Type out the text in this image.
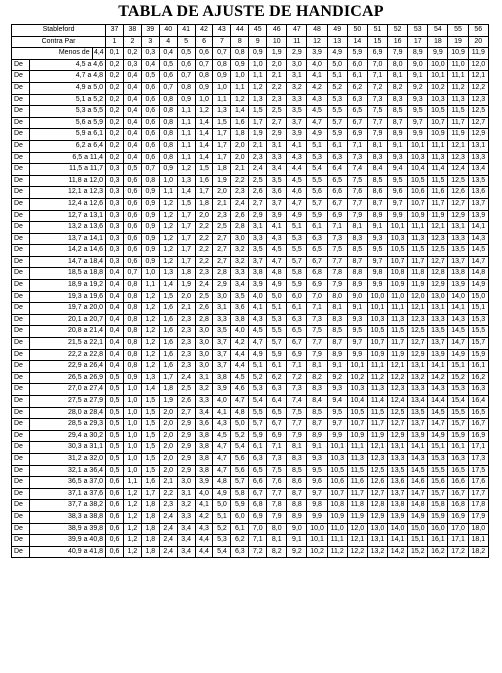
TABLA DE AJUSTE DE HANDICAP
Stableford			37	38	39	40	41	42	43	44	45	46	47	48	49	50	51	52	53	54	55	56
Contra Par			1	2	3	4	5	6	7	8	9	10	11	12	13	14	15	16	17	18	19	20
Menos de		4,4	0,1	0,2	0,3	0,4	0,5	0,6	0,7	0,8	0,9	1,9	2,9	3,9	4,9	5,9	6,9	7,9	8,9	9,9	10,9	11,9
De	4,5 a 4,6		0,2	0,3	0,4	0,5	0,6	0,7	0,8	0,9	1,0	2,0	3,0	4,0	5,0	6,0	7,0	8,0	9,0	10,0	11,0	12,0
De	4,7 a 4,8		0,2	0,4	0,5	0,6	0,7	0,8	0,9	1,0	1,1	2,1	3,1	4,1	5,1	6,1	7,1	8,1	9,1	10,1	11,1	12,1
De	4,9 a 5,0		0,2	0,4	0,6	0,7	0,8	0,9	1,0	1,1	1,2	2,2	3,2	4,2	5,2	6,2	7,2	8,2	9,2	10,2	11,2	12,2
De	5,1 a 5,2		0,2	0,4	0,6	0,8	0,9	1,0	1,1	1,2	1,3	2,3	3,3	4,3	5,3	6,3	7,3	8,3	9,3	10,3	11,3	12,3
De	5,3 a 5,5		0,2	0,4	0,6	0,8	1,1	1,2	1,3	1,4	1,5	2,5	3,5	4,5	5,5	6,5	7,5	8,5	9,5	10,5	11,5	12,5
De	5,6 a 5,9		0,2	0,4	0,6	0,8	1,1	1,4	1,5	1,6	1,7	2,7	3,7	4,7	5,7	6,7	7,7	8,7	9,7	10,7	11,7	12,7
De	5,9 a 6,1		0,2	0,4	0,6	0,8	1,1	1,4	1,7	1,8	1,9	2,9	3,9	4,9	5,9	6,9	7,9	8,9	9,9	10,9	11,9	12,9
De	6,2 a 6,4		0,2	0,4	0,6	0,8	1,1	1,4	1,7	2,0	2,1	3,1	4,1	5,1	6,1	7,1	8,1	9,1	10,1	11,1	12,1	13,1
De	6,5 a 11,4		0,2	0,4	0,6	0,8	1,1	1,4	1,7	2,0	2,3	3,3	4,3	5,3	6,3	7,3	8,3	9,3	10,3	11,3	12,3	13,3
De	11,5 a 11,7		0,3	0,5	0,7	0,9	1,2	1,5	1,8	2,1	2,4	3,4	4,4	5,4	6,4	7,4	8,4	9,4	10,4	11,4	12,4	13,4
De	11,8 a 12,0		0,3	0,6	0,8	1,0	1,3	1,6	1,9	2,2	2,5	3,5	4,5	5,5	6,5	7,5	8,5	9,5	10,5	11,5	12,5	13,5
De	12,1 a 12,3		0,3	0,6	0,9	1,1	1,4	1,7	2,0	2,3	2,6	3,6	4,6	5,6	6,6	7,6	8,6	9,6	10,6	11,6	12,6	13,6
De	12,4 a 12,6		0,3	0,6	0,9	1,2	1,5	1,8	2,1	2,4	2,7	3,7	4,7	5,7	6,7	7,7	8,7	9,7	10,7	11,7	12,7	13,7
De	12,7 a 13,1		0,3	0,6	0,9	1,2	1,7	2,0	2,3	2,6	2,9	3,9	4,9	5,9	6,9	7,9	8,9	9,9	10,9	11,9	12,9	13,9
De	13,2 a 13,6		0,3	0,6	0,9	1,2	1,7	2,2	2,5	2,8	3,1	4,1	5,1	6,1	7,1	8,1	9,1	10,1	11,1	12,1	13,1	14,1
De	13,7 a 14,1		0,3	0,6	0,9	1,2	1,7	2,2	2,7	3,0	3,3	4,3	5,3	6,3	7,3	8,3	9,3	10,3	11,3	12,3	13,3	14,3
De	14,2 a 14,6		0,3	0,6	0,9	1,2	1,7	2,2	2,7	3,2	3,5	4,5	5,5	6,5	7,5	8,5	9,5	10,5	11,5	12,5	13,5	14,5
De	14,7 a 18,4		0,3	0,6	0,9	1,2	1,7	2,2	2,7	3,2	3,7	4,7	5,7	6,7	7,7	8,7	9,7	10,7	11,7	12,7	13,7	14,7
De	18,5 a 18,8		0,4	0,7	1,0	1,3	1,8	2,3	2,8	3,3	3,8	4,8	5,8	6,8	7,8	8,8	9,8	10,8	11,8	12,8	13,8	14,8
De	18,9 a 19,2		0,4	0,8	1,1	1,4	1,9	2,4	2,9	3,4	3,9	4,9	5,9	6,9	7,9	8,9	9,9	10,9	11,9	12,9	13,9	14,9
De	19,3 a 19,6		0,4	0,8	1,2	1,5	2,0	2,5	3,0	3,5	4,0	5,0	6,0	7,0	8,0	9,0	10,0	11,0	12,0	13,0	14,0	15,0
De	19,7 a 20,0		0,4	0,8	1,2	1,6	2,1	2,6	3,1	3,6	4,1	5,1	6,1	7,1	8,1	9,1	10,1	11,1	12,1	13,1	14,1	15,1
De	20,1 a 20,7		0,4	0,8	1,2	1,6	2,3	2,8	3,3	3,8	4,3	5,3	6,3	7,3	8,3	9,3	10,3	11,3	12,3	13,3	14,3	15,3
De	20,8 a 21,4		0,4	0,8	1,2	1,6	2,3	3,0	3,5	4,0	4,5	5,5	6,5	7,5	8,5	9,5	10,5	11,5	12,5	13,5	14,5	15,5
De	21,5 a 22,1		0,4	0,8	1,2	1,6	2,3	3,0	3,7	4,2	4,7	5,7	6,7	7,7	8,7	9,7	10,7	11,7	12,7	13,7	14,7	15,7
De	22,2 a 22,8		0,4	0,8	1,2	1,6	2,3	3,0	3,7	4,4	4,9	5,9	6,9	7,9	8,9	9,9	10,9	11,9	12,9	13,9	14,9	15,9
De	22,9 a 26,4		0,4	0,8	1,2	1,6	2,3	3,0	3,7	4,4	5,1	6,1	7,1	8,1	9,1	10,1	11,1	12,1	13,1	14,1	15,1	16,1
De	26,5 a 26,9		0,5	0,9	1,3	1,7	2,4	3,1	3,8	4,5	5,2	6,2	7,2	8,2	9,2	10,2	11,2	12,2	13,2	14,2	15,2	16,2
De	27,0 a 27,4		0,5	1,0	1,4	1,8	2,5	3,2	3,9	4,6	5,3	6,3	7,3	8,3	9,3	10,3	11,3	12,3	13,3	14,3	15,3	16,3
De	27,5 a 27,9		0,5	1,0	1,5	1,9	2,6	3,3	4,0	4,7	5,4	6,4	7,4	8,4	9,4	10,4	11,4	12,4	13,4	14,4	15,4	16,4
De	28,0 a 28,4		0,5	1,0	1,5	2,0	2,7	3,4	4,1	4,8	5,5	6,5	7,5	8,5	9,5	10,5	11,5	12,5	13,5	14,5	15,5	16,5
De	28,5 a 29,3		0,5	1,0	1,5	2,0	2,9	3,6	4,3	5,0	5,7	6,7	7,7	8,7	9,7	10,7	11,7	12,7	13,7	14,7	15,7	16,7
De	29,4 a 30,2		0,5	1,0	1,5	2,0	2,9	3,8	4,5	5,2	5,9	6,9	7,9	8,9	9,9	10,9	11,9	12,9	13,9	14,9	15,9	16,9
De	30,3 a 31,1		0,5	1,0	1,5	2,0	2,9	3,8	4,7	5,4	6,1	7,1	8,1	9,1	10,1	11,1	12,1	13,1	14,1	15,1	16,1	17,1
De	31,2 a 32,0		0,5	1,0	1,5	2,0	2,9	3,8	4,7	5,6	6,3	7,3	8,3	9,3	10,3	11,3	12,3	13,3	14,3	15,3	16,3	17,3
De	32,1 a 36,4		0,5	1,0	1,5	2,0	2,9	3,8	4,7	5,6	6,5	7,5	8,5	9,5	10,5	11,5	12,5	13,5	14,5	15,5	16,5	17,5
De	36,5 a 37,0		0,6	1,1	1,6	2,1	3,0	3,9	4,8	5,7	6,6	7,6	8,6	9,6	10,6	11,6	12,6	13,6	14,6	15,6	16,6	17,6
De	37,1 a 37,6		0,6	1,2	1,7	2,2	3,1	4,0	4,9	5,8	6,7	7,7	8,7	9,7	10,7	11,7	12,7	13,7	14,7	15,7	16,7	17,7
De	37,7 a 38,2		0,6	1,2	1,8	2,3	3,2	4,1	5,0	5,9	6,8	7,8	8,8	9,8	10,8	11,8	12,8	13,8	14,8	15,8	16,8	17,8
De	38,3 a 38,8		0,6	1,2	1,8	2,4	3,3	4,2	5,1	6,0	6,9	7,9	8,9	9,9	10,9	11,9	12,9	13,9	14,9	15,9	16,9	17,9
De	38,9 a 39,8		0,6	1,2	1,8	2,4	3,4	4,3	5,2	6,1	7,0	8,0	9,0	10,0	11,0	12,0	13,0	14,0	15,0	16,0	17,0	18,0
De	39,9 a 40,8		0,6	1,2	1,8	2,4	3,4	4,4	5,3	6,2	7,1	8,1	9,1	10,1	11,1	12,1	13,1	14,1	15,1	16,1	17,1	18,1
De	40,9 a 41,8		0,6	1,2	1,8	2,4	3,4	4,4	5,4	6,3	7,2	8,2	9,2	10,2	11,2	12,2	13,2	14,2	15,2	16,2	17,2	18,2
